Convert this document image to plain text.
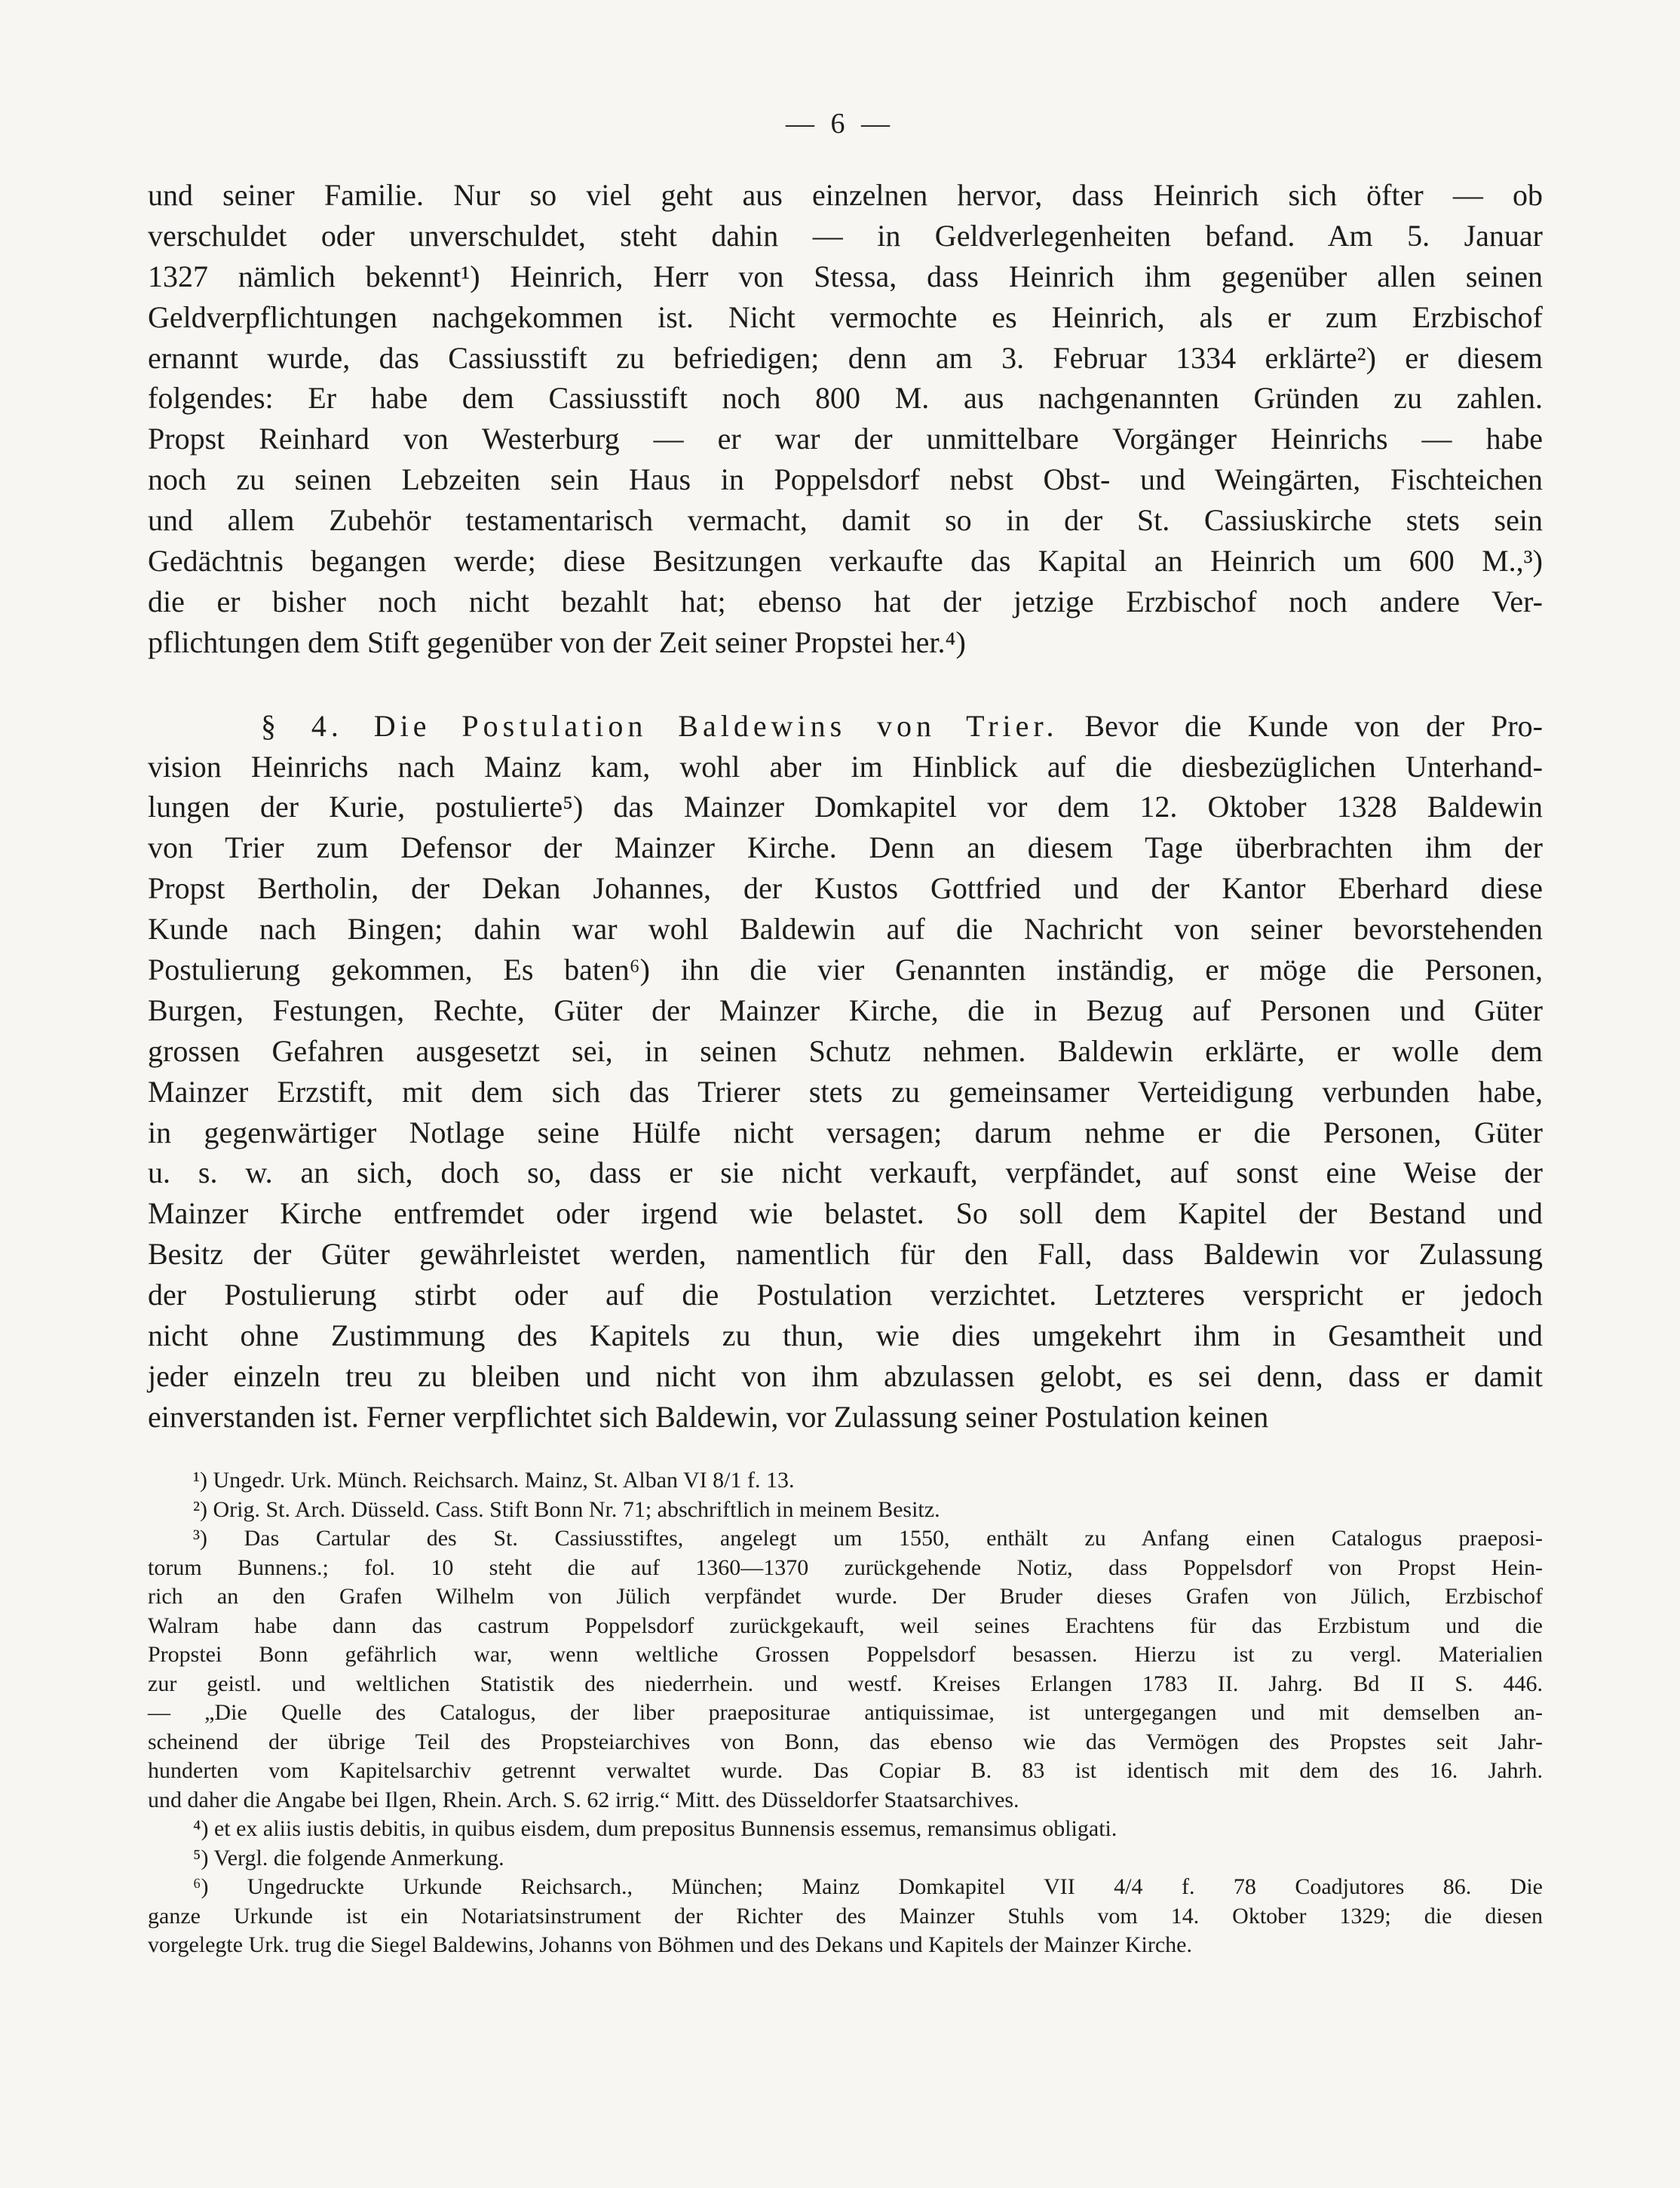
— 6 —
und seiner Familie. Nur so viel geht aus einzelnen hervor, dass Heinrich sich öfter — ob
verschuldet oder unverschuldet, steht dahin — in Geldverlegenheiten befand. Am 5. Januar
1327 nämlich bekennt¹) Heinrich, Herr von Stessa, dass Heinrich ihm gegenüber allen seinen
Geldverpflichtungen nachgekommen ist. Nicht vermochte es Heinrich, als er zum Erzbischof
ernannt wurde, das Cassiusstift zu befriedigen; denn am 3. Februar 1334 erklärte²) er diesem
folgendes: Er habe dem Cassiusstift noch 800 M. aus nachgenannten Gründen zu zahlen.
Propst Reinhard von Westerburg — er war der unmittelbare Vorgänger Heinrichs — habe
noch zu seinen Lebzeiten sein Haus in Poppelsdorf nebst Obst- und Weingärten, Fischteichen
und allem Zubehör testamentarisch vermacht, damit so in der St. Cassiuskirche stets sein
Gedächtnis begangen werde; diese Besitzungen verkaufte das Kapital an Heinrich um 600 M.,³)
die er bisher noch nicht bezahlt hat; ebenso hat der jetzige Erzbischof noch andere Ver-
pflichtungen dem Stift gegenüber von der Zeit seiner Propstei her.⁴)
§ 4. Die Postulation Baldewins von Trier. Bevor die Kunde von der Pro-
vision Heinrichs nach Mainz kam, wohl aber im Hinblick auf die diesbezüglichen Unterhand-
lungen der Kurie, postulierte⁵) das Mainzer Domkapitel vor dem 12. Oktober 1328 Baldewin
von Trier zum Defensor der Mainzer Kirche. Denn an diesem Tage überbrachten ihm der
Propst Bertholin, der Dekan Johannes, der Kustos Gottfried und der Kantor Eberhard diese
Kunde nach Bingen; dahin war wohl Baldewin auf die Nachricht von seiner bevorstehenden
Postulierung gekommen, Es baten⁶) ihn die vier Genannten inständig, er möge die Personen,
Burgen, Festungen, Rechte, Güter der Mainzer Kirche, die in Bezug auf Personen und Güter
grossen Gefahren ausgesetzt sei, in seinen Schutz nehmen. Baldewin erklärte, er wolle dem
Mainzer Erzstift, mit dem sich das Trierer stets zu gemeinsamer Verteidigung verbunden habe,
in gegenwärtiger Notlage seine Hülfe nicht versagen; darum nehme er die Personen, Güter
u. s. w. an sich, doch so, dass er sie nicht verkauft, verpfändet, auf sonst eine Weise der
Mainzer Kirche entfremdet oder irgend wie belastet. So soll dem Kapitel der Bestand und
Besitz der Güter gewährleistet werden, namentlich für den Fall, dass Baldewin vor Zulassung
der Postulierung stirbt oder auf die Postulation verzichtet. Letzteres verspricht er jedoch
nicht ohne Zustimmung des Kapitels zu thun, wie dies umgekehrt ihm in Gesamtheit und
jeder einzeln treu zu bleiben und nicht von ihm abzulassen gelobt, es sei denn, dass er damit
einverstanden ist. Ferner verpflichtet sich Baldewin, vor Zulassung seiner Postulation keinen
¹) Ungedr. Urk. Münch. Reichsarch. Mainz, St. Alban VI 8/1 f. 13.
²) Orig. St. Arch. Düsseld. Cass. Stift Bonn Nr. 71; abschriftlich in meinem Besitz.
³) Das Cartular des St. Cassiusstiftes, angelegt um 1550, enthält zu Anfang einen Catalogus praeposi-
torum Bunnens.; fol. 10 steht die auf 1360—1370 zurückgehende Notiz, dass Poppelsdorf von Propst Hein-
rich an den Grafen Wilhelm von Jülich verpfändet wurde. Der Bruder dieses Grafen von Jülich, Erzbischof
Walram habe dann das castrum Poppelsdorf zurückgekauft, weil seines Erachtens für das Erzbistum und die
Propstei Bonn gefährlich war, wenn weltliche Grossen Poppelsdorf besassen. Hierzu ist zu vergl. Materialien
zur geistl. und weltlichen Statistik des niederrhein. und westf. Kreises Erlangen 1783 II. Jahrg. Bd II S. 446.
— „Die Quelle des Catalogus, der liber praepositurae antiquissimae, ist untergegangen und mit demselben an-
scheinend der übrige Teil des Propsteiarchives von Bonn, das ebenso wie das Vermögen des Propstes seit Jahr-
hunderten vom Kapitelsarchiv getrennt verwaltet wurde. Das Copiar B. 83 ist identisch mit dem des 16. Jahrh.
und daher die Angabe bei Ilgen, Rhein. Arch. S. 62 irrig.“ Mitt. des Düsseldorfer Staatsarchives.
⁴) et ex aliis iustis debitis, in quibus eisdem, dum prepositus Bunnensis essemus, remansimus obligati.
⁵) Vergl. die folgende Anmerkung.
⁶) Ungedruckte Urkunde Reichsarch., München; Mainz Domkapitel VII 4/4 f. 78 Coadjutores 86. Die
ganze Urkunde ist ein Notariatsinstrument der Richter des Mainzer Stuhls vom 14. Oktober 1329; die diesen
vorgelegte Urk. trug die Siegel Baldewins, Johanns von Böhmen und des Dekans und Kapitels der Mainzer Kirche.
